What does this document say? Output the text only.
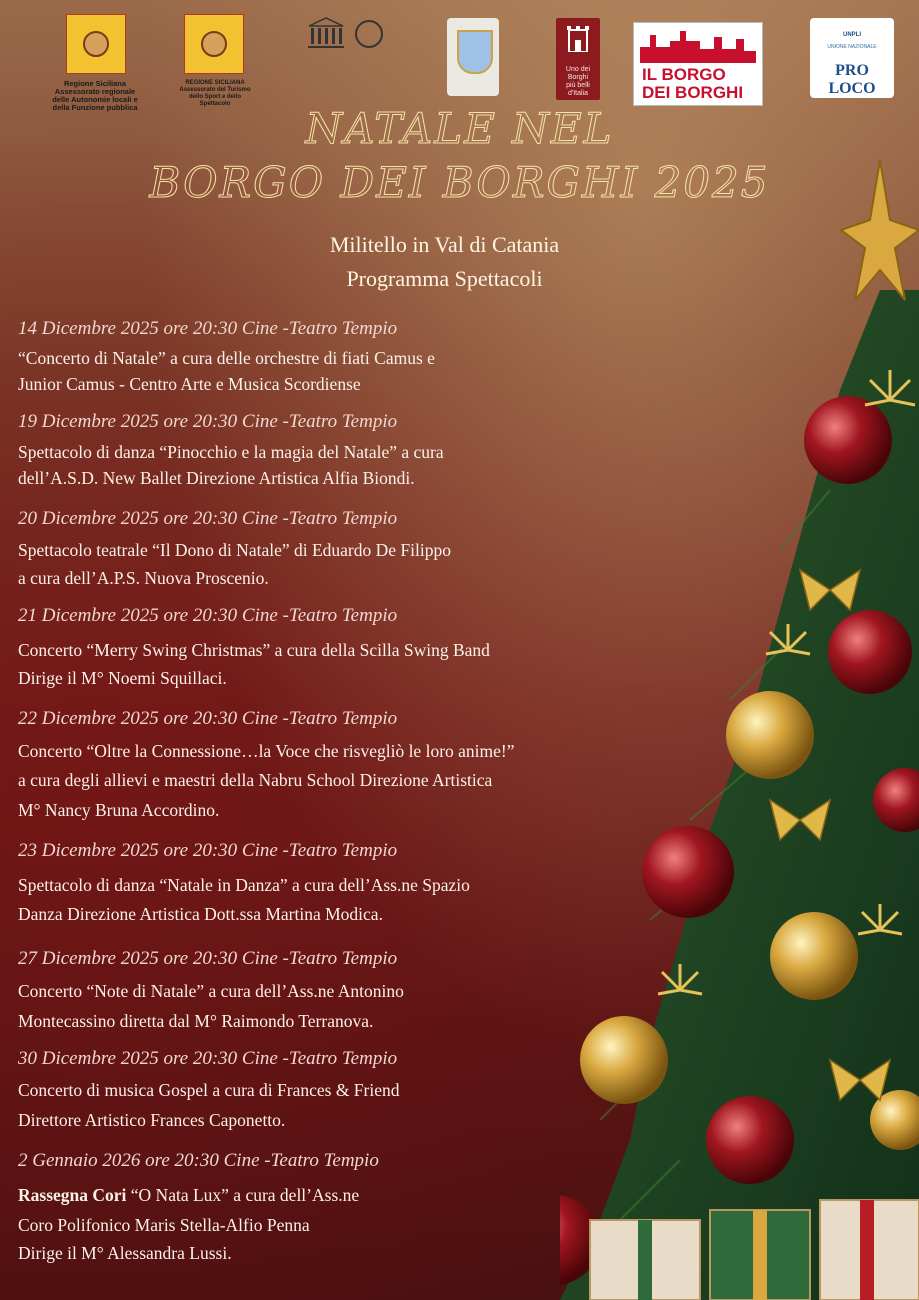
Regione Siciliana
Assessorato regionale
delle Autonomie locali e
della Funzione pubblica
REGIONE SICILIANA
Assessorato del Turismo
dello Sport e dello
Spettacolo
Uno dei
Borghi
più belli
d'Italia
IL BORGO
DEI BORGHI
UNPLI
UNIONE NAZIONALE
PRO LOCO
NATALE NEL
BORGO DEI BORGHI 2025
Militello in Val di Catania
Programma Spettacoli
14 Dicembre 2025 ore 20:30 Cine -Teatro Tempio
“Concerto di Natale” a cura delle orchestre di fiati Camus e
Junior Camus - Centro Arte e Musica Scordiense
19 Dicembre 2025 ore 20:30 Cine -Teatro Tempio
Spettacolo di danza “Pinocchio e la magia del Natale” a cura
dell’A.S.D. New Ballet Direzione Artistica Alfia Biondi.
20 Dicembre 2025 ore 20:30 Cine -Teatro Tempio
Spettacolo teatrale “Il Dono di Natale” di Eduardo De Filippo
a cura dell’A.P.S. Nuova Proscenio.
21 Dicembre 2025 ore 20:30 Cine -Teatro Tempio
Concerto “Merry Swing Christmas” a cura della Scilla Swing Band
Dirige il M° Noemi Squillaci.
22 Dicembre 2025 ore 20:30 Cine -Teatro Tempio
Concerto “Oltre la Connessione…la Voce che risvegliò le loro anime!”
a cura degli allievi e maestri della Nabru School Direzione Artistica
M° Nancy Bruna Accordino.
23 Dicembre 2025 ore 20:30 Cine -Teatro Tempio
Spettacolo di danza “Natale in Danza” a cura dell’Ass.ne Spazio
Danza Direzione Artistica Dott.ssa Martina Modica.
27 Dicembre 2025 ore 20:30 Cine -Teatro Tempio
Concerto “Note di Natale” a cura dell’Ass.ne Antonino
Montecassino diretta dal M° Raimondo Terranova.
30 Dicembre 2025 ore 20:30 Cine -Teatro Tempio
Concerto di musica Gospel a cura di Frances & Friend
Direttore Artistico Frances Caponetto.
2 Gennaio 2026 ore 20:30 Cine -Teatro Tempio
Rassegna Cori “O Nata Lux” a cura dell’Ass.ne
Coro Polifonico Maris Stella-Alfio Penna
Dirige il M° Alessandra Lussi.
